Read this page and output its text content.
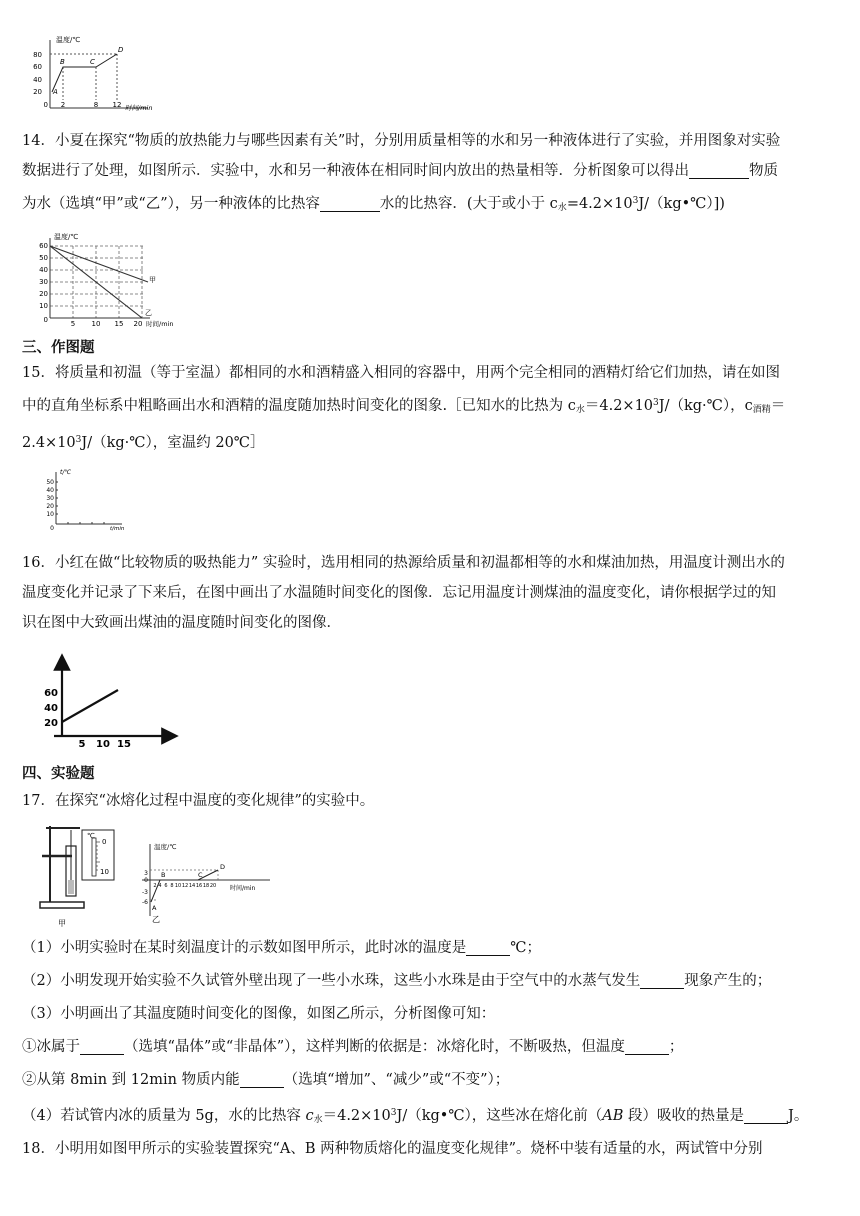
温度/℃
80
60
40
20
0 2	8 12 时间/min
A
B	C
D
14．小夏在探究“物质的放热能力与哪些因素有关”时，分别用质量相等的水和另一种液体进行了实验，并用图象对实验
数据进行了处理，如图所示．实验中，水和另一种液体在相同时间内放出的热量相等．分析图象可以得出	物质
为水（选填“甲”或“乙”），另一种液体的比热容	水的比热容．(大于或小于 $c_水=4.2\times 10^3J/(kg•℃)$])
温度/℃
60
50
40
30
20
10
0	5 10 15 20 时间/min
甲
乙
三、作图题
15．将质量和初温（等于室温）都相同的水和酒精盛入相同的容器中，用两个完全相同的酒精灯给它们加热，请在如图
中的直角坐标系中粗略画出水和酒精的温度随加热时间变化的图象.［已知水的比热为 $c_水=4.2\times 10^3J/(kg\cdot℃)$，$c_{酒精}=$
$2.4\times 10^3J/(kg\cdot℃)$，室温约 20℃］
t/℃
50
40
30
20
10
0	t/min
16．小红在做“比较物质的吸热能力” 实验时，选用相同的热源给质量和初温都相等的水和煤油加热，用温度计测出水的
温度变化并记录了下来后，在图中画出了水温随时间变化的图像．忘记用温度计测煤油的温度变化，请你根据学过的知
识在图中大致画出煤油的温度随时间变化的图像．
60
40
20
5 10 15
四、实验题
17．在探究“冰熔化过程中温度的变化规律”的实验中。
℃
0
10
甲
温度/℃
3
0
-3
-6
2 4 6 8 10 12 14 16 18 20 时间/min
A
B	C
D
乙
（1）小明实验时在某时刻温度计的示数如图甲所示，此时冰的温度是	℃；
（2）小明发现开始实验不久试管外壁出现了一些小水珠，这些小水珠是由于空气中的水蒸气发生	现象产生的；
（3）小明画出了其温度随时间变化的图像，如图乙所示，分析图像可知：
①冰属于	（选填“晶体”或“非晶体”），这样判断的依据是：冰熔化时，不断吸热，但温度	；
②从第 8min 到 12min 物质内能	（选填“增加”、“减少”或“不变”）；
（4）若试管内冰的质量为 5g，水的比热容 $c_水=4.2\times 10^3J/(kg•℃)$，这些冰在熔化前（AB 段）吸收的热量是	J。
18．小明用如图甲所示的实验装置探究“A、B 两种物质熔化的温度变化规律”。烧杯中装有适量的水，两试管中分别
